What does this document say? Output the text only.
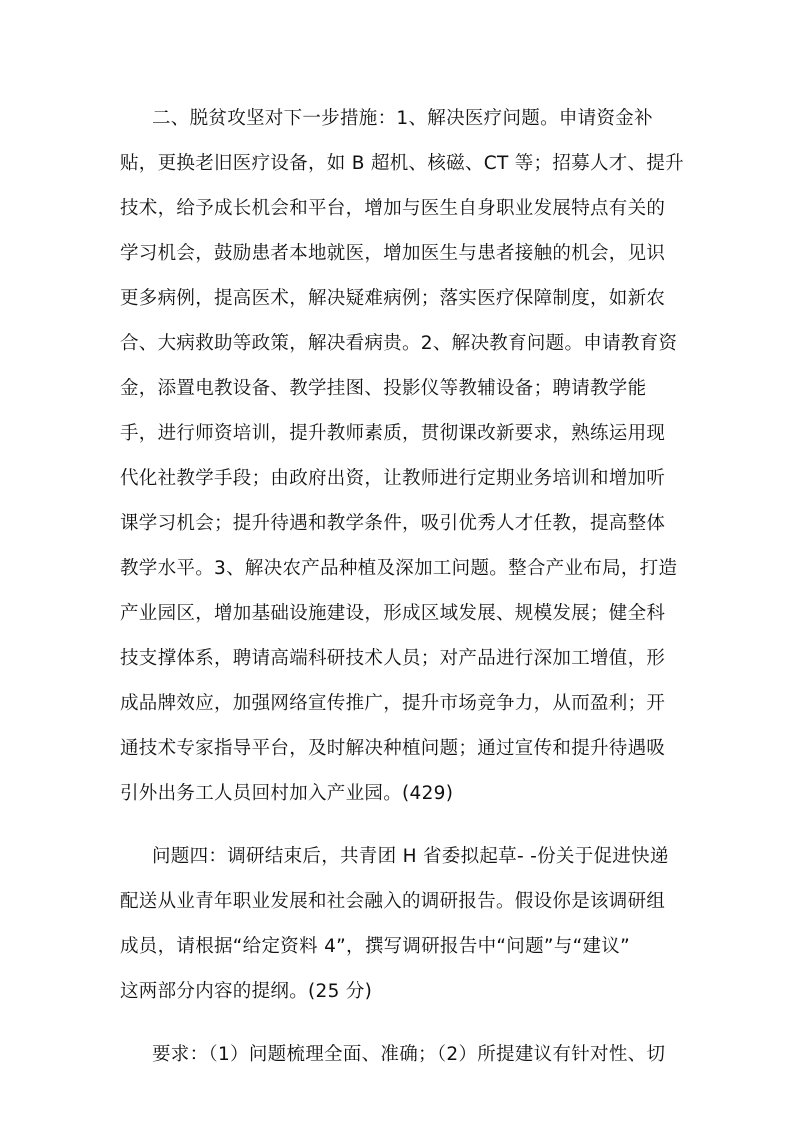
二、脱贫攻坚对下一步措施：1、解决医疗问题。申请资金补
贴，更换老旧医疗设备，如 B 超机、核磁、CT 等；招募人才、提升
技术，给予成长机会和平台，增加与医生自身职业发展特点有关的
学习机会，鼓励患者本地就医，增加医生与患者接触的机会，见识
更多病例，提高医术，解决疑难病例；落实医疗保障制度，如新农
合、大病救助等政策，解决看病贵。2、解决教育问题。申请教育资
金，添置电教设备、教学挂图、投影仪等教辅设备；聘请教学能
手，进行师资培训，提升教师素质，贯彻课改新要求，熟练运用现
代化社教学手段；由政府出资，让教师进行定期业务培训和增加听
课学习机会；提升待遇和教学条件，吸引优秀人才任教，提高整体
教学水平。3、解决农产品种植及深加工问题。整合产业布局，打造
产业园区，增加基础设施建设，形成区域发展、规模发展；健全科
技支撑体系，聘请高端科研技术人员；对产品进行深加工增值，形
成品牌效应，加强网络宣传推广，提升市场竞争力，从而盈利；开
通技术专家指导平台，及时解决种植问题；通过宣传和提升待遇吸
引外出务工人员回村加入产业园。(429)
问题四：调研结束后，共青团 H 省委拟起草- -份关于促进快递
配送从业青年职业发展和社会融入的调研报告。假设你是该调研组
成员，请根据“给定资料 4”，撰写调研报告中“问题”与“建议”
这两部分内容的提纲。(25 分)
要求：（1）问题梳理全面、准确；（2）所提建议有针对性、切
